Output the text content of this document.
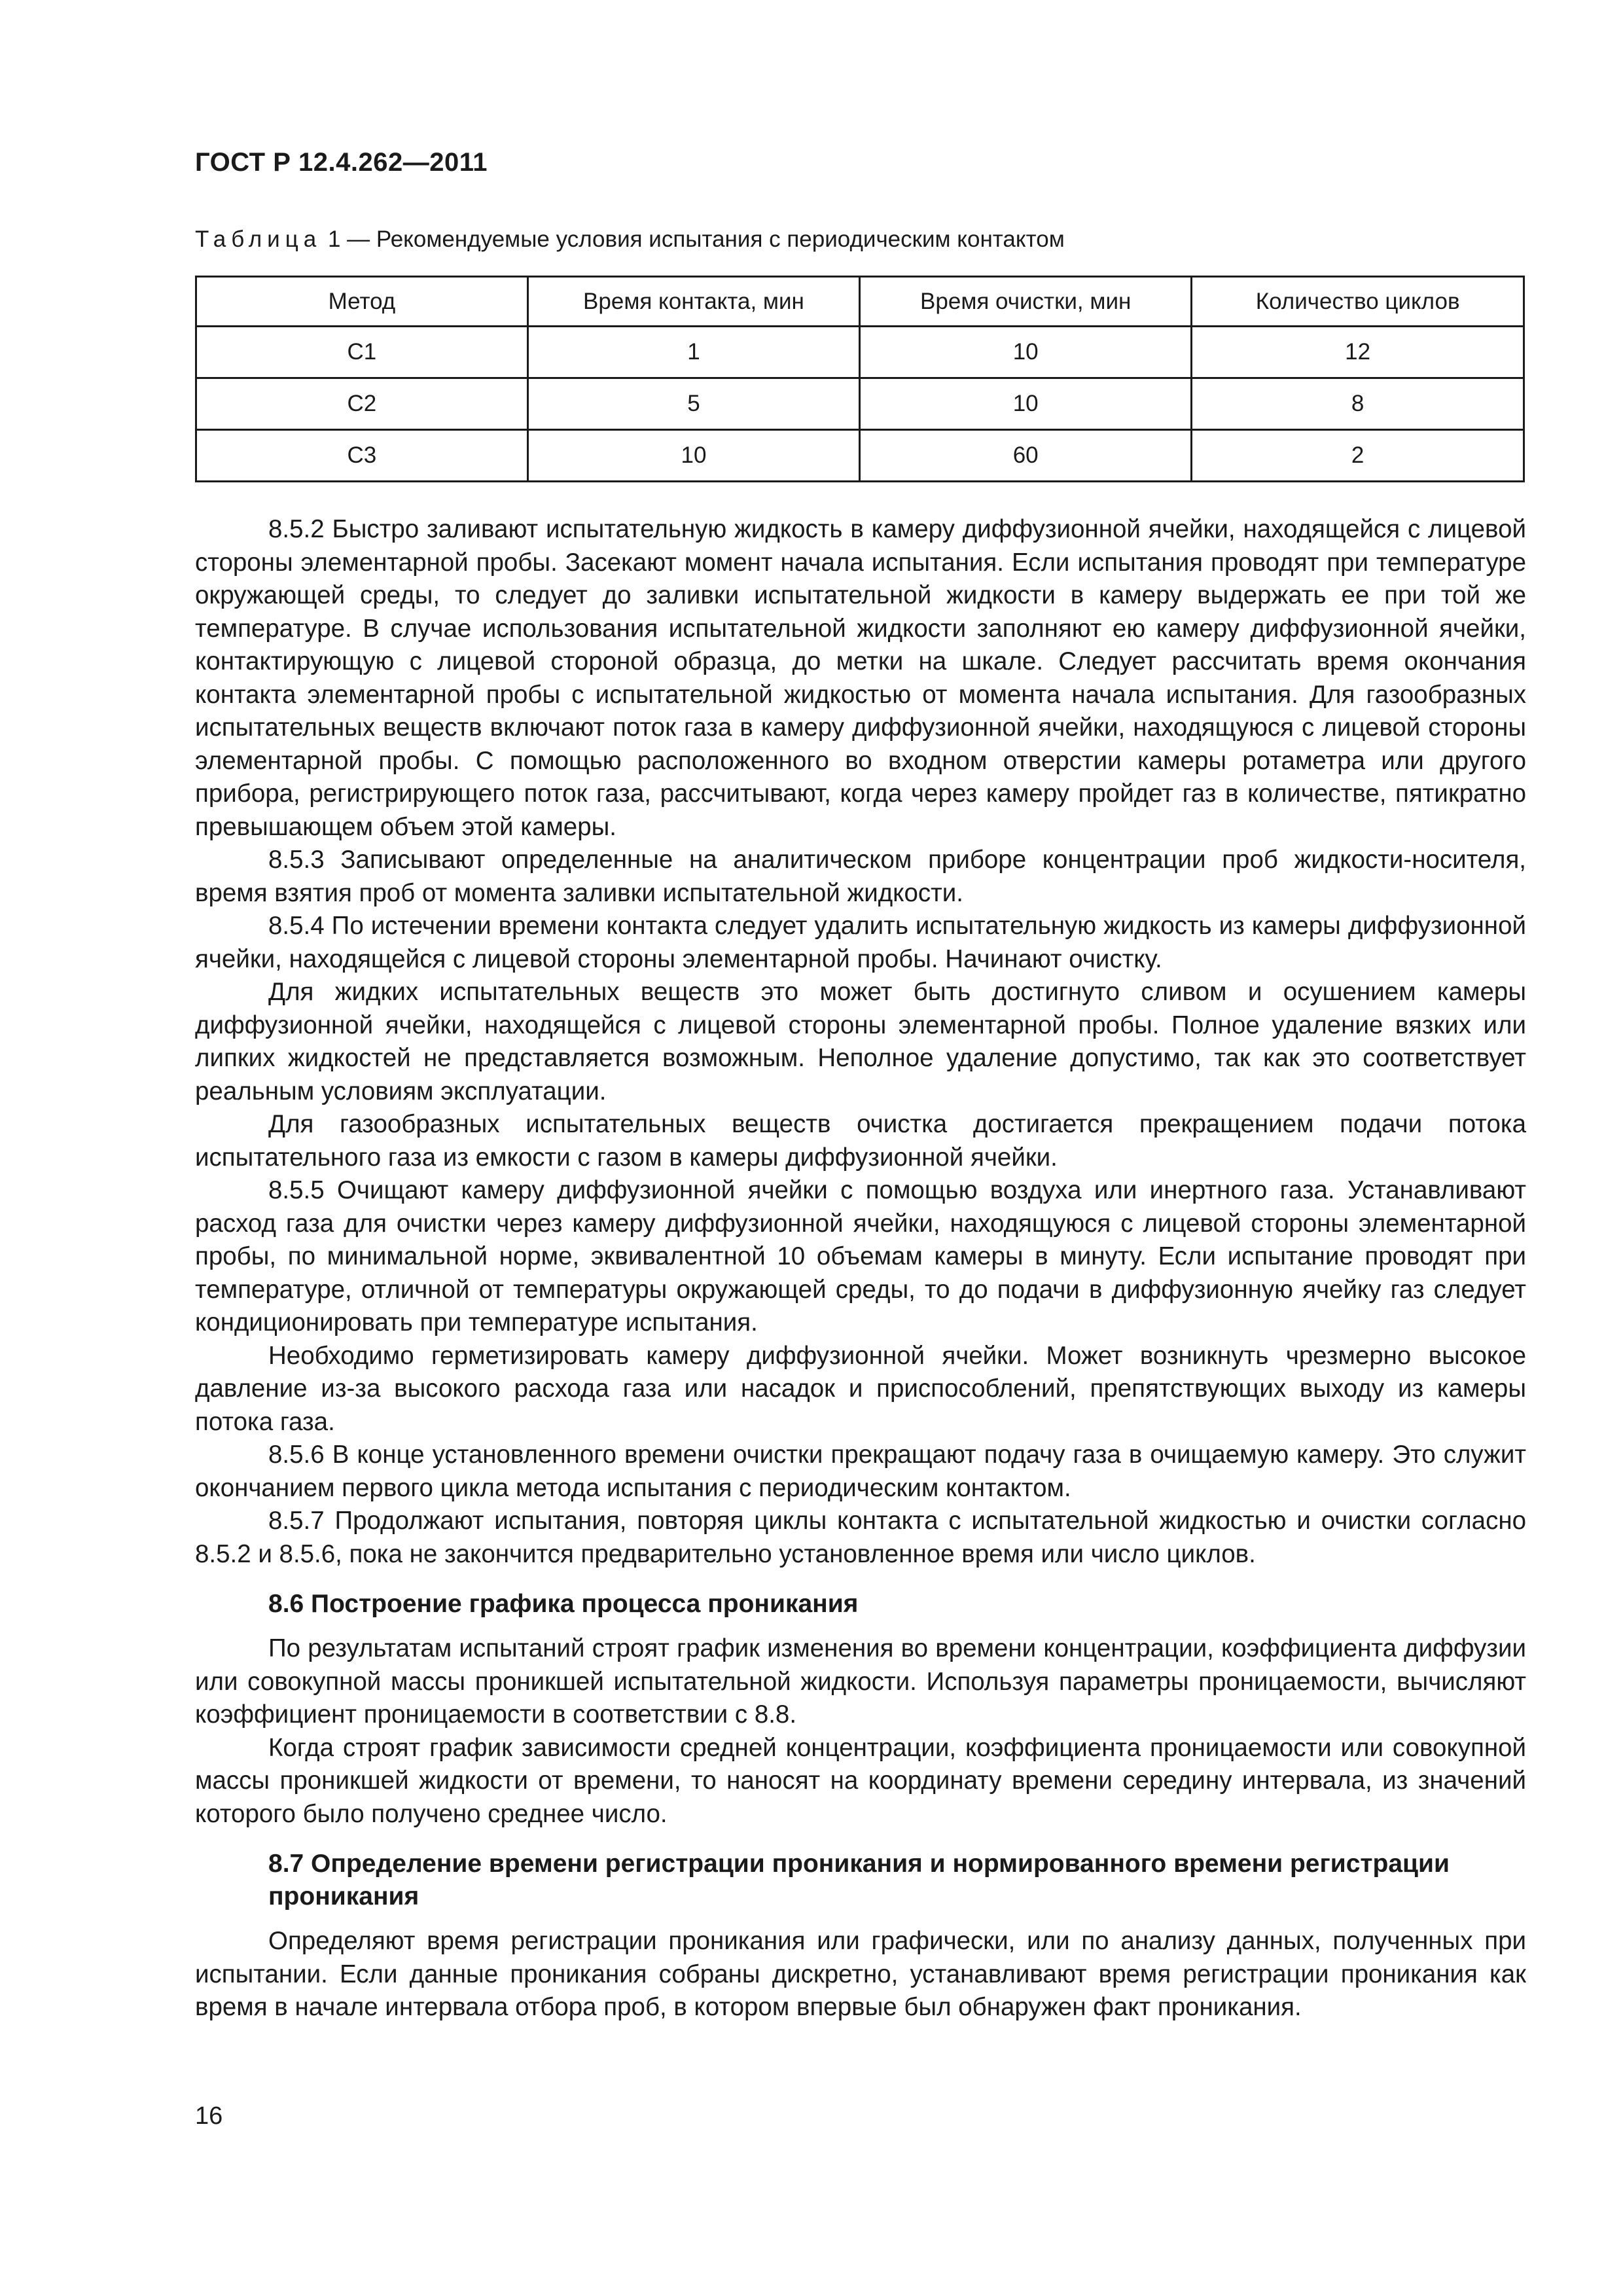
ГОСТ Р 12.4.262—2011
Таблица 1 — Рекомендуемые условия испытания с периодическим контактом
Метод	Время контакта, мин	Время очистки, мин	Количество циклов
С1	1	10	12
С2	5	10	8
С3	10	60	2

8.5.2 Быстро заливают испытательную жидкость в камеру диффузионной ячейки, находящейся с лицевой стороны элементарной пробы. Засекают момент начала испытания. Если испытания проводят при температуре окружающей среды, то следует до заливки испытательной жидкости в камеру выдержать ее при той же температуре. В случае использования испытательной жидкости заполняют ею камеру диффузионной ячейки, контактирующую с лицевой стороной образца, до метки на шкале. Следует рассчитать время окончания контакта элементарной пробы с испытательной жидкостью от момента начала испытания. Для газообразных испытательных веществ включают поток газа в камеру диффузионной ячейки, находящуюся с лицевой стороны элементарной пробы. С помощью расположенного во входном отверстии камеры ротаметра или другого прибора, регистрирующего поток газа, рассчитывают, когда через камеру пройдет газ в количестве, пятикратно превышающем объем этой камеры.

8.5.3 Записывают определенные на аналитическом приборе концентрации проб жидкости-носителя, время взятия проб от момента заливки испытательной жидкости.

8.5.4 По истечении времени контакта следует удалить испытательную жидкость из камеры диффузионной ячейки, находящейся с лицевой стороны элементарной пробы. Начинают очистку.

Для жидких испытательных веществ это может быть достигнуто сливом и осушением камеры диффузионной ячейки, находящейся с лицевой стороны элементарной пробы. Полное удаление вязких или липких жидкостей не представляется возможным. Неполное удаление допустимо, так как это соответствует реальным условиям эксплуатации.

Для газообразных испытательных веществ очистка достигается прекращением подачи потока испытательного газа из емкости с газом в камеры диффузионной ячейки.

8.5.5 Очищают камеру диффузионной ячейки с помощью воздуха или инертного газа. Устанавливают расход газа для очистки через камеру диффузионной ячейки, находящуюся с лицевой стороны элементарной пробы, по минимальной норме, эквивалентной 10 объемам камеры в минуту. Если испытание проводят при температуре, отличной от температуры окружающей среды, то до подачи в диффузионную ячейку газ следует кондиционировать при температуре испытания.

Необходимо герметизировать камеру диффузионной ячейки. Может возникнуть чрезмерно высокое давление из-за высокого расхода газа или насадок и приспособлений, препятствующих выходу из камеры потока газа.

8.5.6 В конце установленного времени очистки прекращают подачу газа в очищаемую камеру. Это служит окончанием первого цикла метода испытания с периодическим контактом.

8.5.7 Продолжают испытания, повторяя циклы контакта с испытательной жидкостью и очистки согласно 8.5.2 и 8.5.6, пока не закончится предварительно установленное время или число циклов.

8.6 Построение графика процесса проникания

По результатам испытаний строят график изменения во времени концентрации, коэффициента диффузии или совокупной массы проникшей испытательной жидкости. Используя параметры проницаемости, вычисляют коэффициент проницаемости в соответствии с 8.8.

Когда строят график зависимости средней концентрации, коэффициента проницаемости или совокупной массы проникшей жидкости от времени, то наносят на координату времени середину интервала, из значений которого было получено среднее число.

8.7 Определение времени регистрации проникания и нормированного времени регистрации проникания

Определяют время регистрации проникания или графически, или по анализу данных, полученных при испытании. Если данные проникания собраны дискретно, устанавливают время регистрации проникания как время в начале интервала отбора проб, в котором впервые был обнаружен факт проникания.

16
